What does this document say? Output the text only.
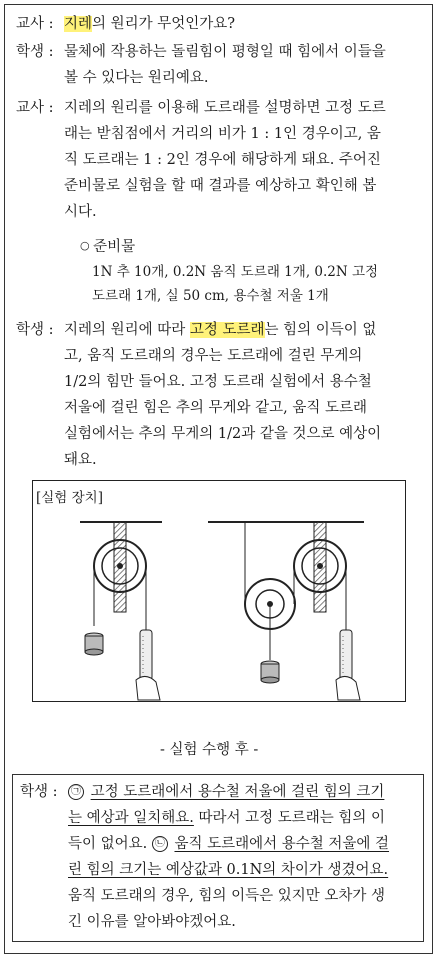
교사 : 지레의 원리가 무엇인가요?
학생 : 물체에 작용하는 돌림힘이 평형일 때 힘에서 이들을
볼 수 있다는 원리예요.
교사 : 지레의 원리를 이용해 도르래를 설명하면 고정 도르
래는 받침점에서 거리의 비가 1 : 1인 경우이고, 움
직 도르래는 1 : 2인 경우에 해당하게 돼요. 주어진
준비물로 실험을 할 때 결과를 예상하고 확인해 봅
시다.
○ 준비물
1N 추 10개, 0.2N 움직 도르래 1개, 0.2N 고정
도르래 1개, 실 50 cm, 용수철 저울 1개
학생 : 지레의 원리에 따라 고정 도르래는 힘의 이득이 없
고, 움직 도르래의 경우는 도르래에 걸린 무게의
1/2의 힘만 들어요. 고정 도르래 실험에서 용수철
저울에 걸린 힘은 추의 무게와 같고, 움직 도르래
실험에서는 추의 무게의 1/2과 같을 것으로 예상이
돼요.
[실험 장치]
- 실험 수행 후 -
학생 :	㉠ 고정 도르래에서 용수철 저울에 걸린 힘의 크기
는 예상과 일치해요. 따라서 고정 도르래는 힘의 이
득이 없어요. ㉡ 움직 도르래에서 용수철 저울에 걸
린 힘의 크기는 예상값과 0.1N의 차이가 생겼어요.
움직 도르래의 경우, 힘의 이득은 있지만 오차가 생
긴 이유를 알아봐야겠어요.
